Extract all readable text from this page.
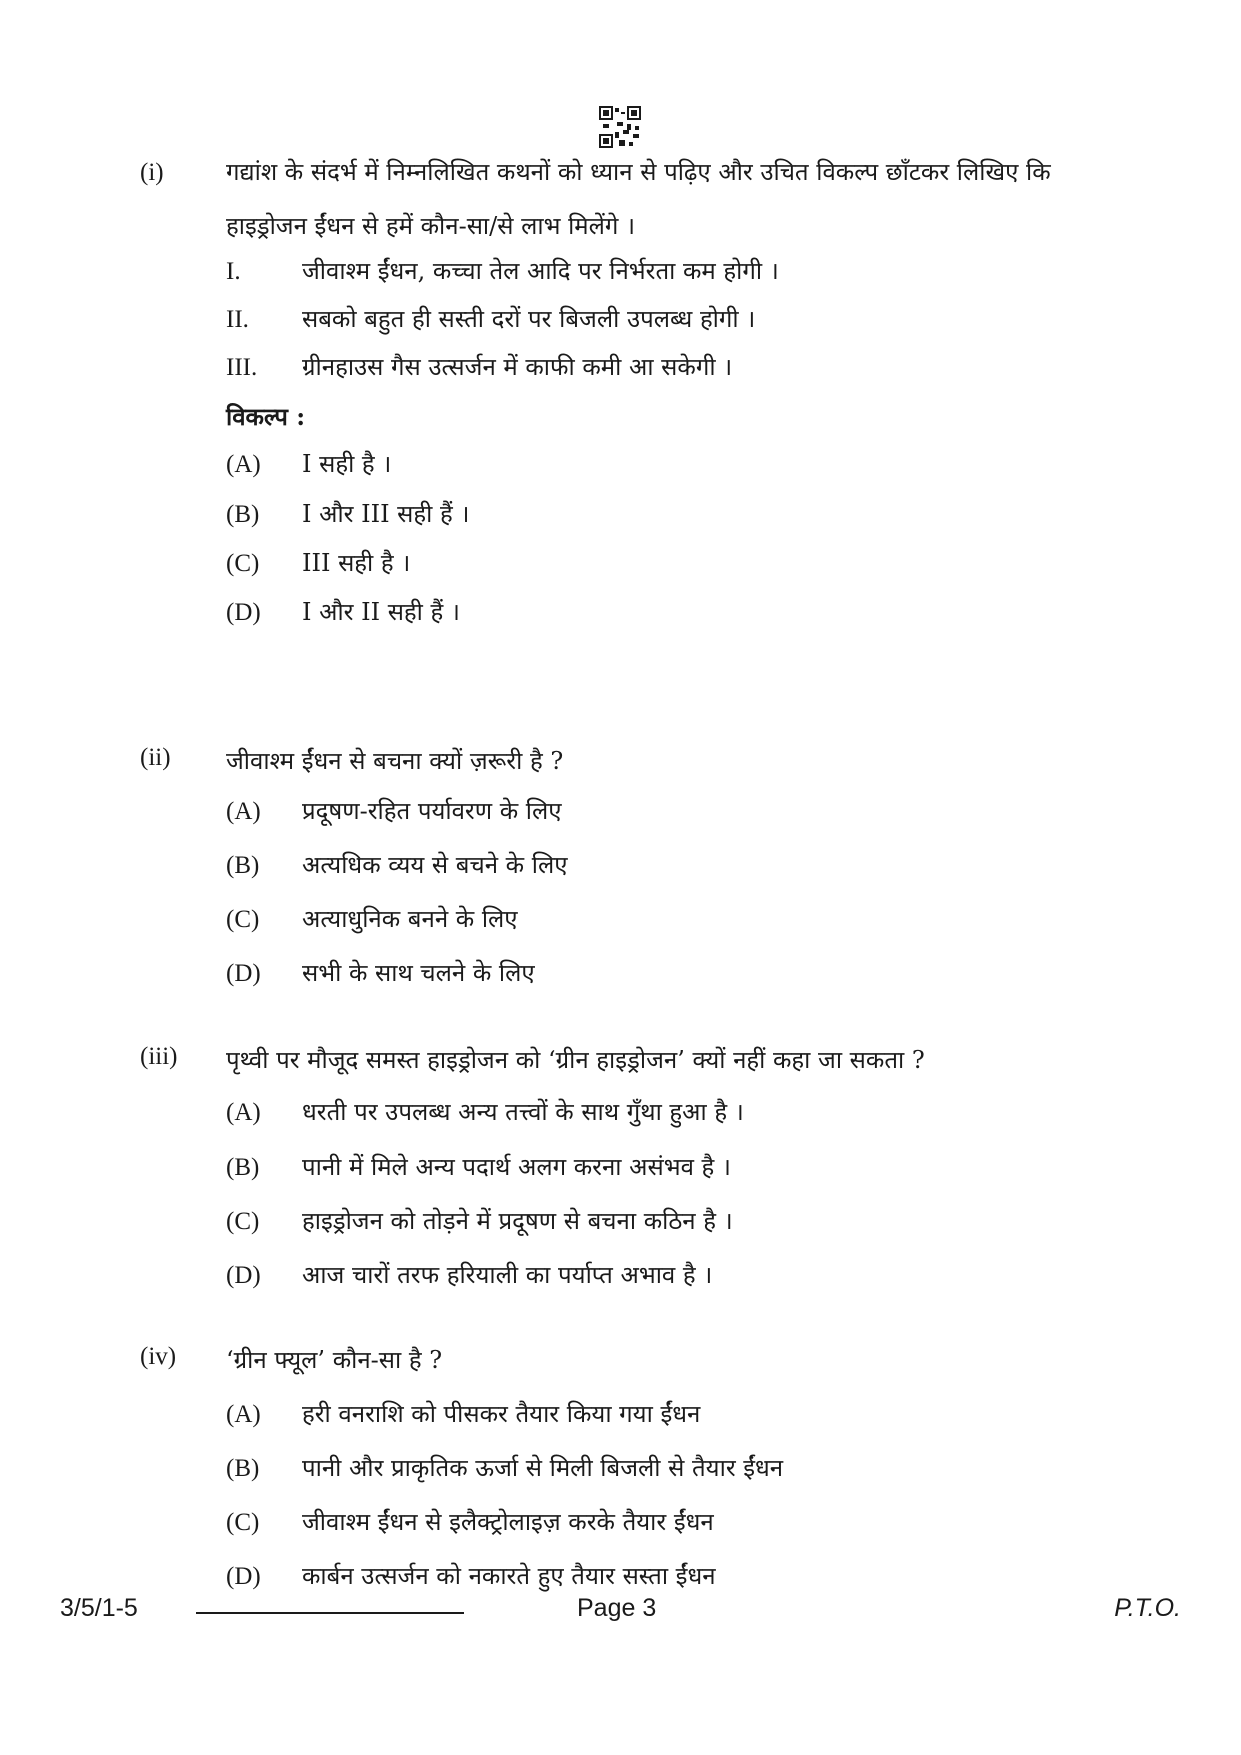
(i)	गद्यांश के संदर्भ में निम्नलिखित कथनों को ध्यान से पढ़िए और उचित विकल्प छाँटकर लिखिए कि हाइड्रोजन ईंधन से हमें कौन-सा/से लाभ मिलेंगे ।
I.	जीवाश्म ईंधन, कच्चा तेल आदि पर निर्भरता कम होगी ।
II. सबको बहुत ही सस्ती दरों पर बिजली उपलब्ध होगी ।
III. ग्रीनहाउस गैस उत्सर्जन में काफी कमी आ सकेगी ।
विकल्प :
(A) I सही है ।
(B) I और III सही हैं ।
(C) III सही है ।
(D) I और II सही हैं ।
(ii) जीवाश्म ईंधन से बचना क्यों ज़रूरी है ?
(A) प्रदूषण-रहित पर्यावरण के लिए
(B) अत्यधिक व्यय से बचने के लिए
(C) अत्याधुनिक बनने के लिए
(D) सभी के साथ चलने के लिए
(iii) पृथ्वी पर मौजूद समस्त हाइड्रोजन को ‘ग्रीन हाइड्रोजन’ क्यों नहीं कहा जा सकता ?
(A) धरती पर उपलब्ध अन्य तत्त्वों के साथ गुँथा हुआ है ।
(B) पानी में मिले अन्य पदार्थ अलग करना असंभव है ।
(C) हाइड्रोजन को तोड़ने में प्रदूषण से बचना कठिन है ।
(D) आज चारों तरफ हरियाली का पर्याप्त अभाव है ।
(iv) ‘ग्रीन फ्यूल’ कौन-सा है ?
(A) हरी वनराशि को पीसकर तैयार किया गया ईंधन
(B) पानी और प्राकृतिक ऊर्जा से मिली बिजली से तैयार ईंधन
(C) जीवाश्म ईंधन से इलैक्ट्रोलाइज़ करके तैयार ईंधन
(D) कार्बन उत्सर्जन को नकारते हुए तैयार सस्ता ईंधन
3/5/1-5	Page 3	P.T.O.
